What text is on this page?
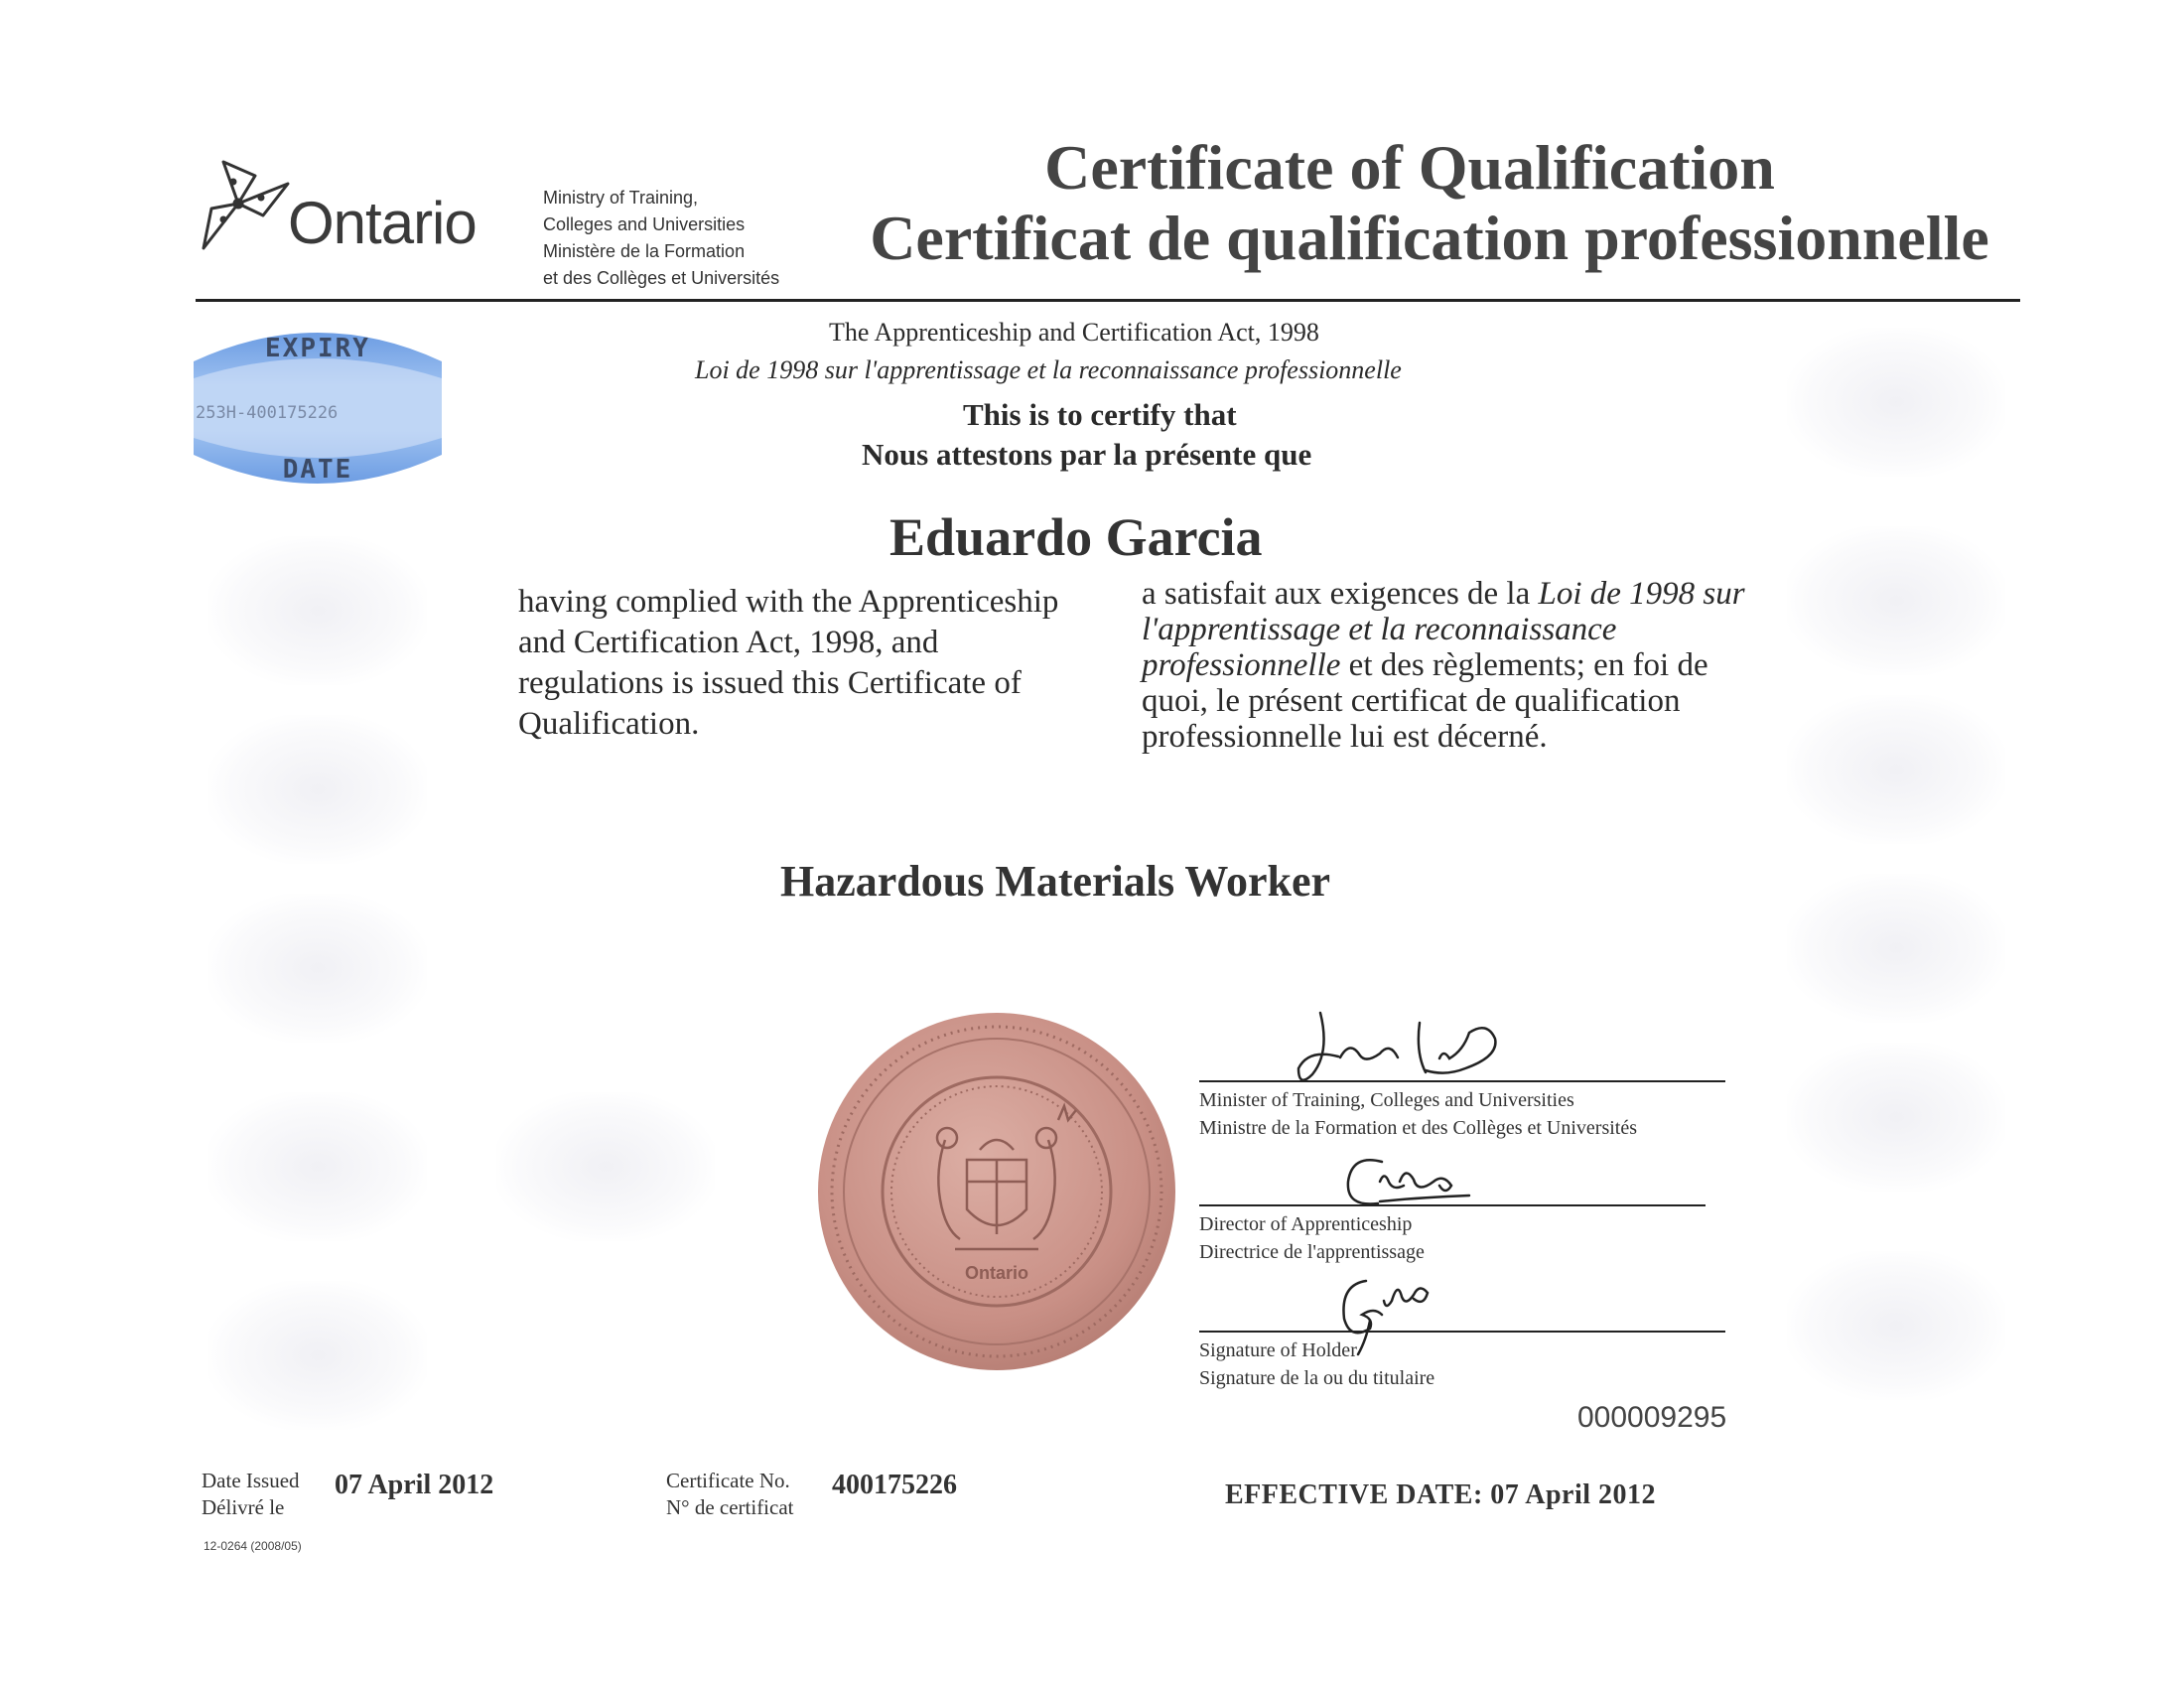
Ontario	Ministry of Training,
Colleges and Universities
Ministère de la Formation
et des Collèges et Universités
Certificate of Qualification
Certificat de qualification professionnelle
EXPIRY
253H-400175226
DATE
The Apprenticeship and Certification Act, 1998
Loi de 1998 sur l'apprentissage et la reconnaissance professionnelle
This is to certify that
Nous attestons par la présente que
Eduardo Garcia
having complied with the Apprenticeship and Certification Act, 1998, and regulations is issued this Certificate of Qualification.
a satisfait aux exigences de la Loi de 1998 sur l'apprentissage et la reconnaissance professionnelle et des règlements; en foi de quoi, le présent certificat de qualification professionnelle lui est décerné.
Hazardous Materials Worker
Ontario
Minister of Training, Colleges and Universities
Ministre de la Formation et des Collèges et Universités
Director of Apprenticeship
Directrice de l'apprentissage
Signature of Holder
Signature de la ou du titulaire
000009295
Date Issued
Délivré le
07 April 2012	Certificate No.
N° de certificat
400175226	EFFECTIVE DATE: 07 April 2012
12-0264 (2008/05)
